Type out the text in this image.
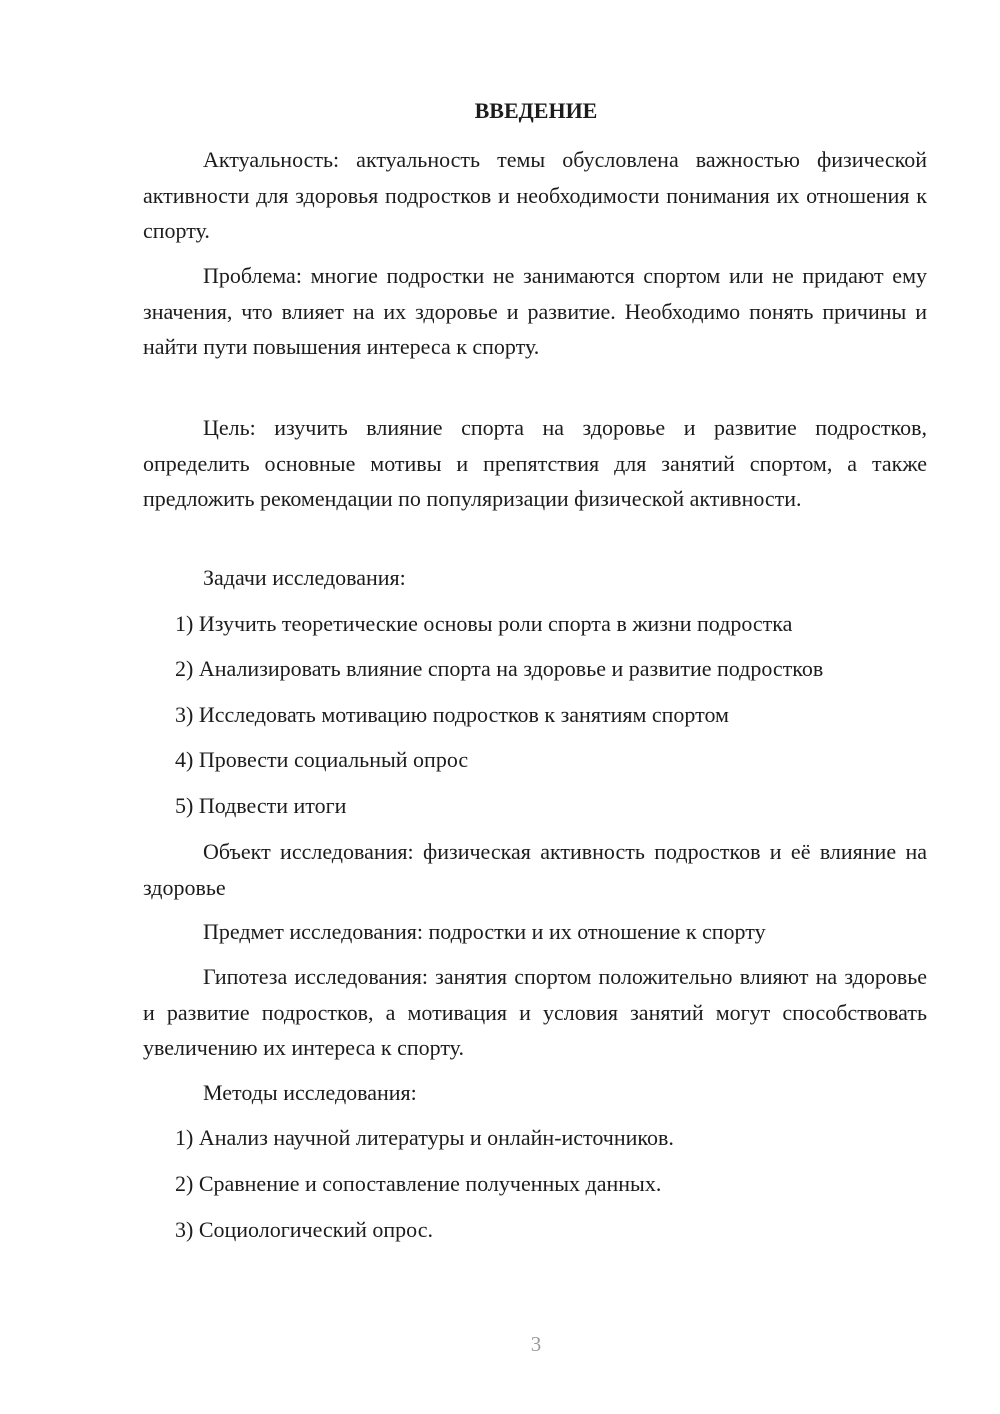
ВВЕДЕНИЕ

Актуальность: актуальность темы обусловлена важностью физической активности для здоровья подростков и необходимости понимания их отношения к спорту.

Проблема: многие подростки не занимаются спортом или не придают ему значения, что влияет на их здоровье и развитие. Необходимо понять причины и найти пути повышения интереса к спорту.

Цель: изучить влияние спорта на здоровье и развитие подростков, определить основные мотивы и препятствия для занятий спортом, а также предложить рекомендации по популяризации физической активности.

Задачи исследования:

1) Изучить теоретические основы роли спорта в жизни подростка

2) Анализировать влияние спорта на здоровье и развитие подростков

3) Исследовать мотивацию подростков к занятиям спортом

4) Провести социальный опрос

5) Подвести итоги

Объект исследования: физическая активность подростков и её влияние на здоровье

Предмет исследования: подростки и их отношение к спорту

Гипотеза исследования: занятия спортом положительно влияют на здоровье и развитие подростков, а мотивация и условия занятий могут способствовать увеличению их интереса к спорту.

Методы исследования:

1) Анализ научной литературы и онлайн-источников.

2) Сравнение и сопоставление полученных данных.

3) Социологический опрос.

3
